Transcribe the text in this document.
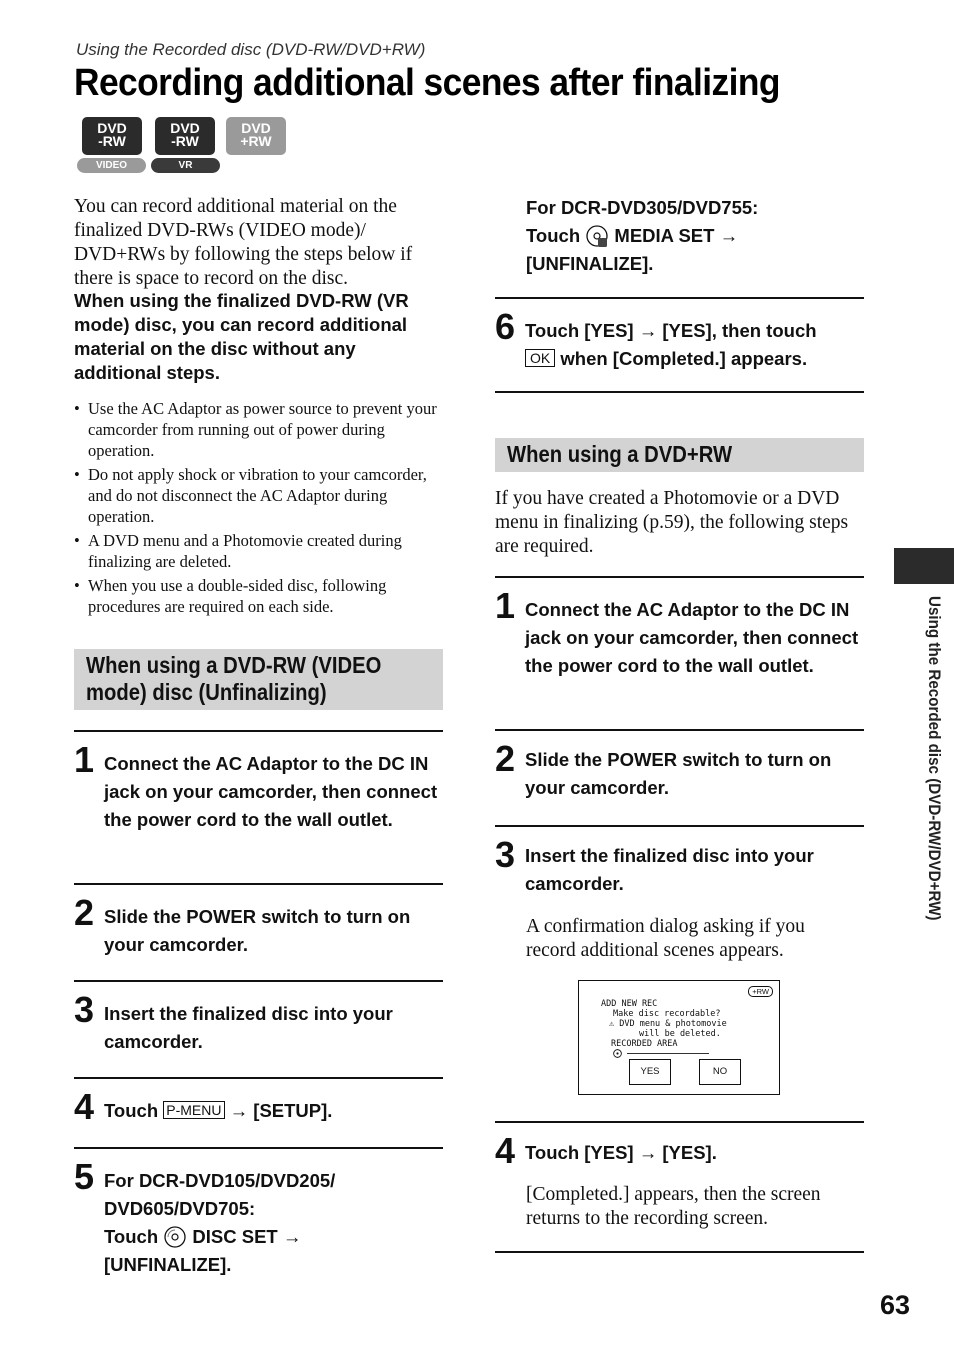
Using the Recorded disc (DVD-RW/DVD+RW)
Recording additional scenes after finalizing
DVD
-RW
VIDEO
DVD
-RW
VR
DVD
+RW
You can record additional material on the finalized DVD-RWs (VIDEO mode)/ DVD+RWs by following the steps below if there is space to record on the disc.
When using the finalized DVD-RW (VR mode) disc, you can record additional material on the disc without any additional steps.
• Use the AC Adaptor as power source to prevent your camcorder from running out of power during operation.
• Do not apply shock or vibration to your camcorder, and do not disconnect the AC Adaptor during operation.
• A DVD menu and a Photomovie created during finalizing are deleted.
• When you use a double-sided disc, following procedures are required on each side.
When using a DVD-RW (VIDEO
mode) disc (Unfinalizing)
1 Connect the AC Adaptor to the DC IN jack on your camcorder, then connect the power cord to the wall outlet.
2 Slide the POWER switch to turn on your camcorder.
3 Insert the finalized disc into your camcorder.
4 Touch P-MENU → [SETUP].
5 For DCR-DVD105/DVD205/ DVD605/DVD705:
Touch DISC SET →
[UNFINALIZE].
For DCR-DVD305/DVD755:
Touch MEDIA SET →
[UNFINALIZE].
6 Touch [YES] → [YES], then touch
OK when [Completed.] appears.
When using a DVD+RW
If you have created a Photomovie or a DVD menu in finalizing (p.59), the following steps are required.
1 Connect the AC Adaptor to the DC IN jack on your camcorder, then connect the power cord to the wall outlet.
2 Slide the POWER switch to turn on your camcorder.
3 Insert the finalized disc into your camcorder.
A confirmation dialog asking if you record additional scenes appears.
+RW
ADD NEW REC
Make disc recordable?
⚠ DVD menu & photomovie
will be deleted.
RECORDED AREA
YES	NO
4 Touch [YES] → [YES].
[Completed.] appears, then the screen returns to the recording screen.
Using the Recorded disc (DVD-RW/DVD+RW)
63
